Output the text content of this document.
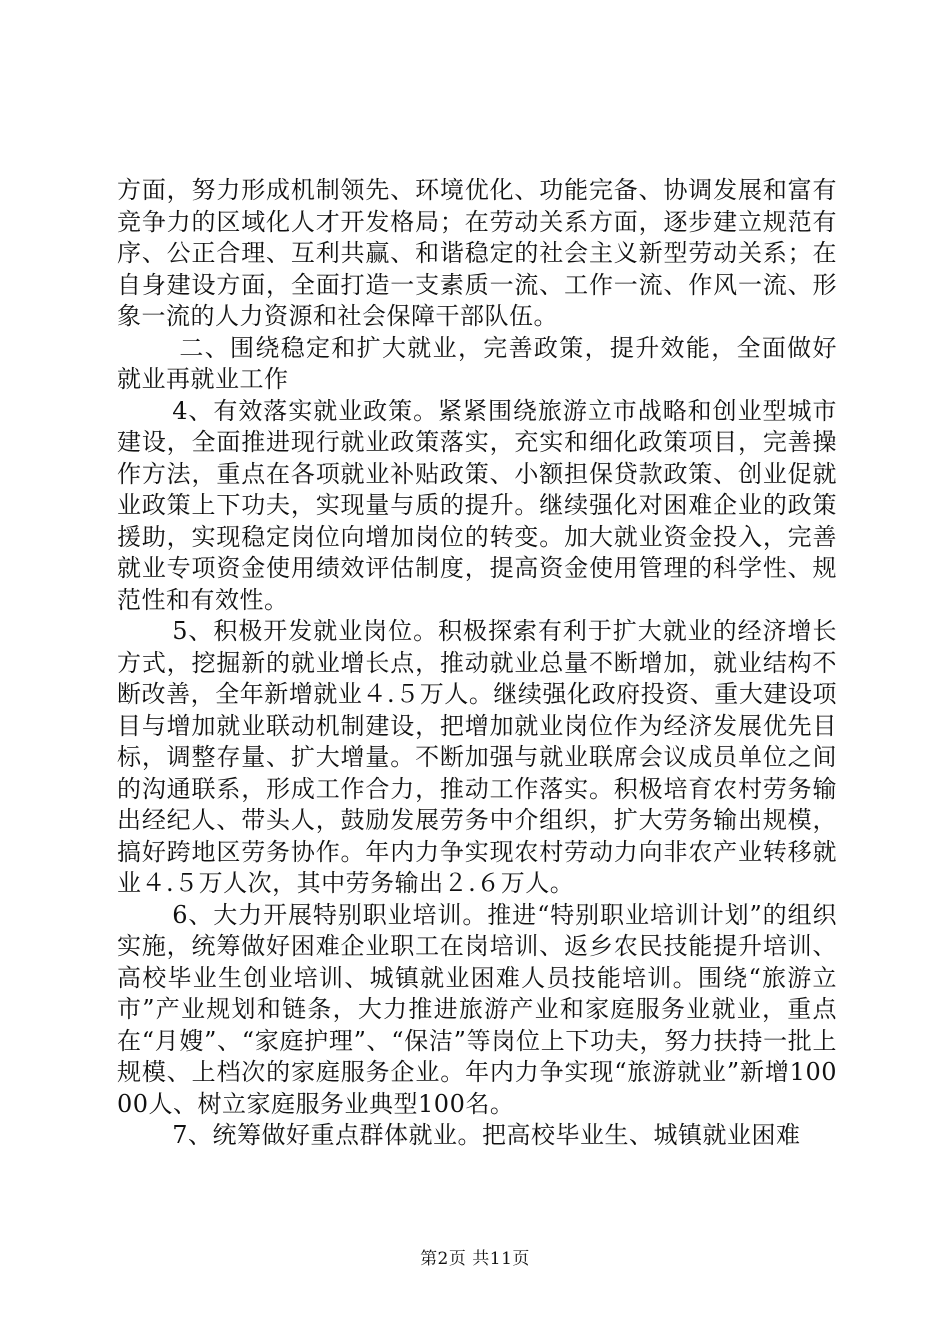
方面，努力形成机制领先、环境优化、功能完备、协调发展和富有竞争力的区域化人才开发格局；在劳动关系方面，逐步建立规范有序、公正合理、互利共赢、和谐稳定的社会主义新型劳动关系；在自身建设方面，全面打造一支素质一流、工作一流、作风一流、形象一流的人力资源和社会保障干部队伍。

二、围绕稳定和扩大就业，完善政策，提升效能，全面做好就业再就业工作

4、有效落实就业政策。紧紧围绕旅游立市战略和创业型城市建设，全面推进现行就业政策落实，充实和细化政策项目，完善操作方法，重点在各项就业补贴政策、小额担保贷款政策、创业促就业政策上下功夫，实现量与质的提升。继续强化对困难企业的政策援助，实现稳定岗位向增加岗位的转变。加大就业资金投入，完善就业专项资金使用绩效评估制度，提高资金使用管理的科学性、规范性和有效性。

5、积极开发就业岗位。积极探索有利于扩大就业的经济增长方式，挖掘新的就业增长点，推动就业总量不断增加，就业结构不断改善，全年新增就业４.５万人。继续强化政府投资、重大建设项目与增加就业联动机制建设，把增加就业岗位作为经济发展优先目标，调整存量、扩大增量。不断加强与就业联席会议成员单位之间的沟通联系，形成工作合力，推动工作落实。积极培育农村劳务输出经纪人、带头人，鼓励发展劳务中介组织，扩大劳务输出规模，搞好跨地区劳务协作。年内力争实现农村劳动力向非农产业转移就业４.５万人次，其中劳务输出２.６万人。

6、大力开展特别职业培训。推进“特别职业培训计划”的组织实施，统筹做好困难企业职工在岗培训、返乡农民技能提升培训、高校毕业生创业培训、城镇就业困难人员技能培训。围绕“旅游立市”产业规划和链条，大力推进旅游产业和家庭服务业就业，重点在“月嫂”、“家庭护理”、“保洁”等岗位上下功夫，努力扶持一批上规模、上档次的家庭服务企业。年内力争实现“旅游就业”新增10000人、树立家庭服务业典型100名。

7、统筹做好重点群体就业。把高校毕业生、城镇就业困难

第2页 共11页
